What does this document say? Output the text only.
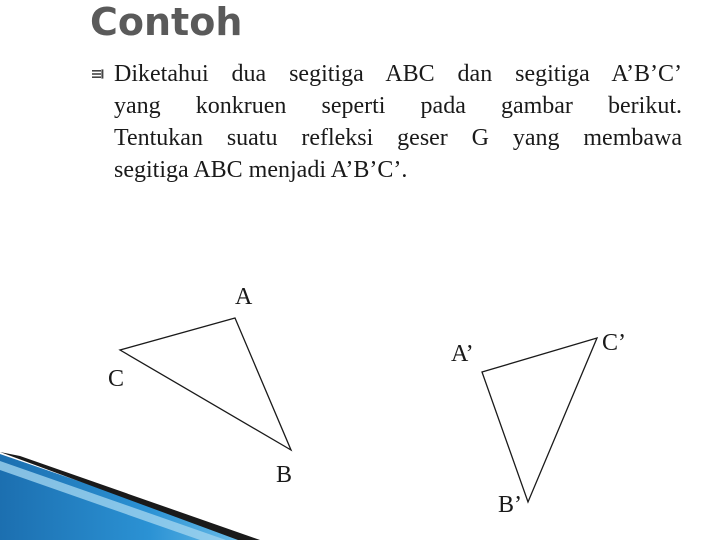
Contoh
Diketahui dua segitiga ABC dan segitiga A’B’C’
yang konkruen seperti pada gambar berikut.
Tentukan suatu refleksi geser G yang membawa
segitiga ABC menjadi A’B’C’.
A
C
B
A’	C’
B’
